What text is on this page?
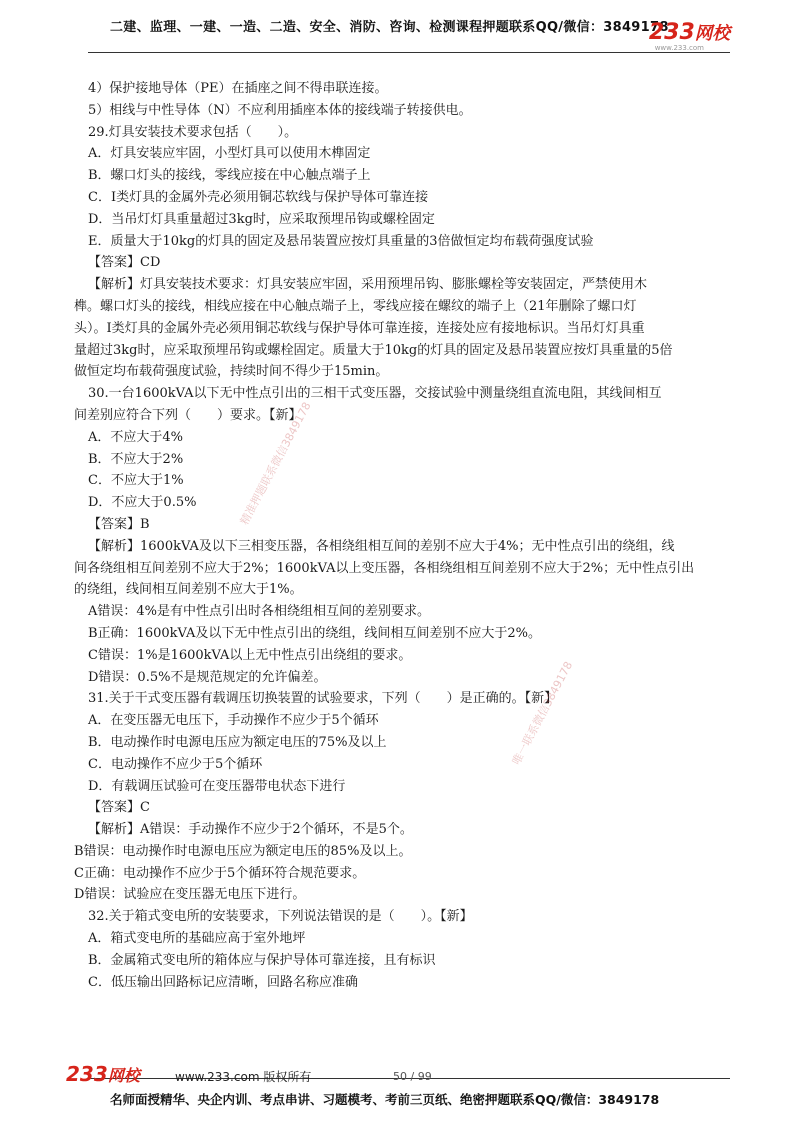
二建、监理、一建、一造、二造、安全、消防、咨询、检测课程押题联系QQ/微信：3849178
233网校
www.233.com

4）保护接地导体（PE）在插座之间不得串联连接。

5）相线与中性导体（N）不应利用插座本体的接线端子转接供电。

29.灯具安装技术要求包括（　　）。

A．灯具安装应牢固，小型灯具可以使用木榫固定

B．螺口灯头的接线，零线应接在中心触点端子上

C．Ⅰ类灯具的金属外壳必须用铜芯软线与保护导体可靠连接

D．当吊灯灯具重量超过3kg时，应采取预埋吊钩或螺栓固定

E．质量大于10kg的灯具的固定及悬吊装置应按灯具重量的3倍做恒定均布载荷强度试验

【答案】CD

【解析】灯具安装技术要求：灯具安装应牢固，采用预埋吊钩、膨胀螺栓等安装固定，严禁使用木

榫。螺口灯头的接线，相线应接在中心触点端子上，零线应接在螺纹的端子上（21年删除了螺口灯

头）。Ⅰ类灯具的金属外壳必须用铜芯软线与保护导体可靠连接，连接处应有接地标识。当吊灯灯具重

量超过3kg时，应采取预埋吊钩或螺栓固定。质量大于10kg的灯具的固定及悬吊装置应按灯具重量的5倍

做恒定均布载荷强度试验，持续时间不得少于15min。

30.一台1600kVA以下无中性点引出的三相干式变压器，交接试验中测量绕组直流电阻，其线间相互

间差别应符合下列（　　）要求。【新】

A．不应大于4%

B．不应大于2%

C．不应大于1%

D．不应大于0.5%

【答案】B

【解析】1600kVA及以下三相变压器，各相绕组相互间的差别不应大于4%；无中性点引出的绕组，线

间各绕组相互间差别不应大于2%；1600kVA以上变压器，各相绕组相互间差别不应大于2%；无中性点引出

的绕组，线间相互间差别不应大于1%。

A错误：4%是有中性点引出时各相绕组相互间的差别要求。

B正确：1600kVA及以下无中性点引出的绕组，线间相互间差别不应大于2%。

C错误：1%是1600kVA以上无中性点引出绕组的要求。

D错误：0.5%不是规范规定的允许偏差。

31.关于干式变压器有载调压切换装置的试验要求，下列（　　）是正确的。【新】

A．在变压器无电压下，手动操作不应少于5个循环

B．电动操作时电源电压应为额定电压的75%及以上

C．电动操作不应少于5个循环

D．有载调压试验可在变压器带电状态下进行

【答案】C

【解析】A错误：手动操作不应少于2个循环，不是5个。

B错误：电动操作时电源电压应为额定电压的85%及以上。

C正确：电动操作不应少于5个循环符合规范要求。

D错误：试验应在变压器无电压下进行。

32.关于箱式变电所的安装要求，下列说法错误的是（　　）。【新】

A．箱式变电所的基础应高于室外地坪

B．金属箱式变电所的箱体应与保护导体可靠连接，且有标识

C．低压输出回路标记应清晰，回路名称应准确

精准押题联系微信3849178
唯一联系微信3849178
233网校	www.233.com 版权所有	50 / 99
名师面授精华、央企内训、考点串讲、习题模考、考前三页纸、绝密押题联系QQ/微信：3849178
